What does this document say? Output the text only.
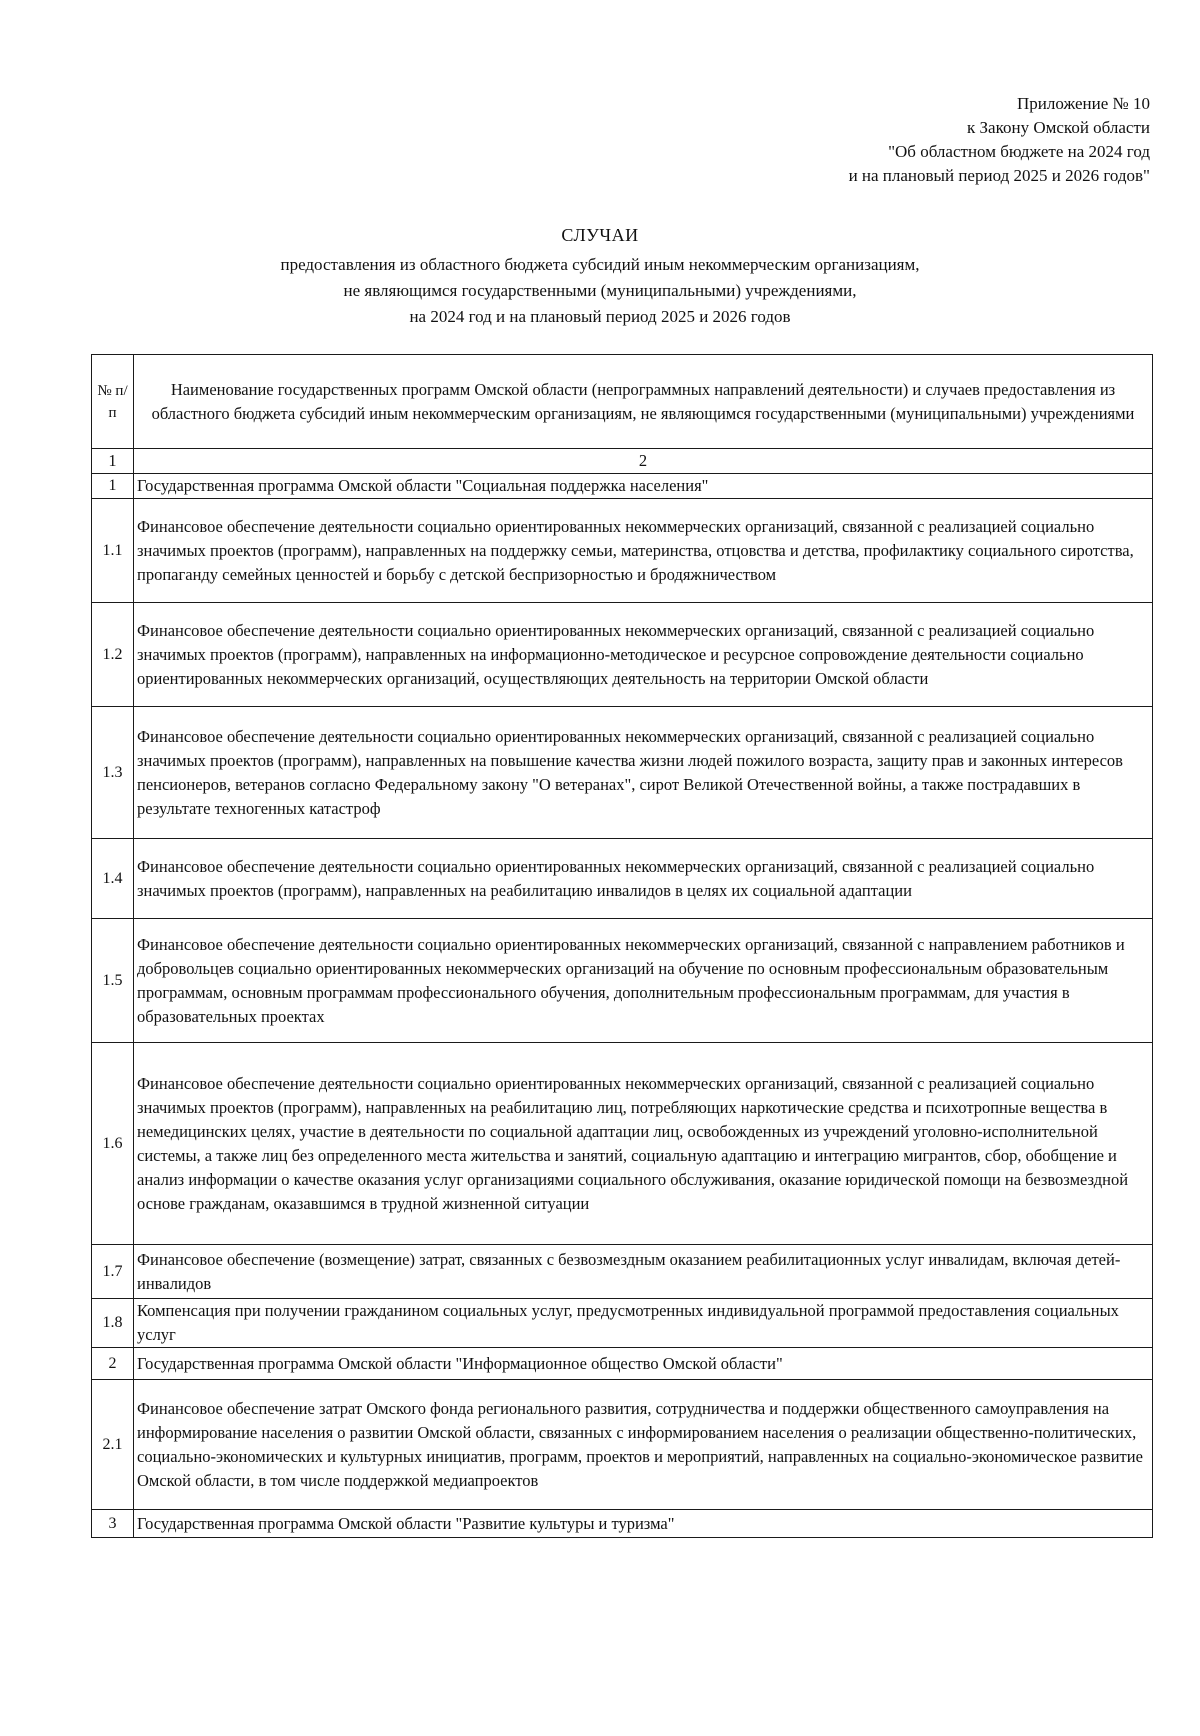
Приложение № 10
к Закону Омской области
"Об областном бюджете на 2024 год
и на плановый период 2025 и 2026 годов"
СЛУЧАИ
предоставления из областного бюджета субсидий иным некоммерческим организациям,
не являющимся государственными (муниципальными) учреждениями,
на 2024 год и на плановый период 2025 и 2026 годов
№ п/п	Наименование государственных программ Омской области (непрограммных направлений деятельности) и случаев предоставления из областного бюджета субсидий иным некоммерческим организациям, не являющимся государственными (муниципальными) учреждениями
1	2
1	Государственная программа Омской области "Социальная поддержка населения"
1.1	Финансовое обеспечение деятельности социально ориентированных некоммерческих организаций, связанной с реализацией социально значимых проектов (программ), направленных на поддержку семьи, материнства, отцовства и детства, профилактику социального сиротства, пропаганду семейных ценностей и борьбу с детской беспризорностью и бродяжничеством
1.2	Финансовое обеспечение деятельности социально ориентированных некоммерческих организаций, связанной с реализацией социально значимых проектов (программ), направленных на информационно-методическое и ресурсное сопровождение деятельности социально ориентированных некоммерческих организаций, осуществляющих деятельность на территории Омской области
1.3	Финансовое обеспечение деятельности социально ориентированных некоммерческих организаций, связанной с реализацией социально значимых проектов (программ), направленных на повышение качества жизни людей пожилого возраста, защиту прав и законных интересов пенсионеров, ветеранов согласно Федеральному закону "О ветеранах", сирот Великой Отечественной войны, а также пострадавших в результате техногенных катастроф
1.4	Финансовое обеспечение деятельности социально ориентированных некоммерческих организаций, связанной с реализацией социально значимых проектов (программ), направленных на реабилитацию инвалидов в целях их социальной адаптации
1.5	Финансовое обеспечение деятельности социально ориентированных некоммерческих организаций, связанной с направлением работников и добровольцев социально ориентированных некоммерческих организаций на обучение по основным профессиональным образовательным программам, основным программам профессионального обучения, дополнительным профессиональным программам, для участия в образовательных проектах
1.6	Финансовое обеспечение деятельности социально ориентированных некоммерческих организаций, связанной с реализацией социально значимых проектов (программ), направленных на реабилитацию лиц, потребляющих наркотические средства и психотропные вещества в немедицинских целях, участие в деятельности по социальной адаптации лиц, освобожденных из учреждений уголовно-исполнительной системы, а также лиц без определенного места жительства и занятий, социальную адаптацию и интеграцию мигрантов, сбор, обобщение и анализ информации о качестве оказания услуг организациями социального обслуживания, оказание юридической помощи на безвозмездной основе гражданам, оказавшимся в трудной жизненной ситуации
1.7	Финансовое обеспечение (возмещение) затрат, связанных с безвозмездным оказанием реабилитационных услуг инвалидам, включая детей-инвалидов
1.8	Компенсация при получении гражданином социальных услуг, предусмотренных индивидуальной программой предоставления социальных услуг
2	Государственная программа Омской области "Информационное общество Омской области"
2.1	Финансовое обеспечение затрат Омского фонда регионального развития, сотрудничества и поддержки общественного самоуправления на информирование населения о развитии Омской области, связанных с информированием населения о реализации общественно-политических, социально-экономических и культурных инициатив, программ, проектов и мероприятий, направленных на социально-экономическое развитие Омской области, в том числе поддержкой медиапроектов
3	Государственная программа Омской области "Развитие культуры и туризма"
